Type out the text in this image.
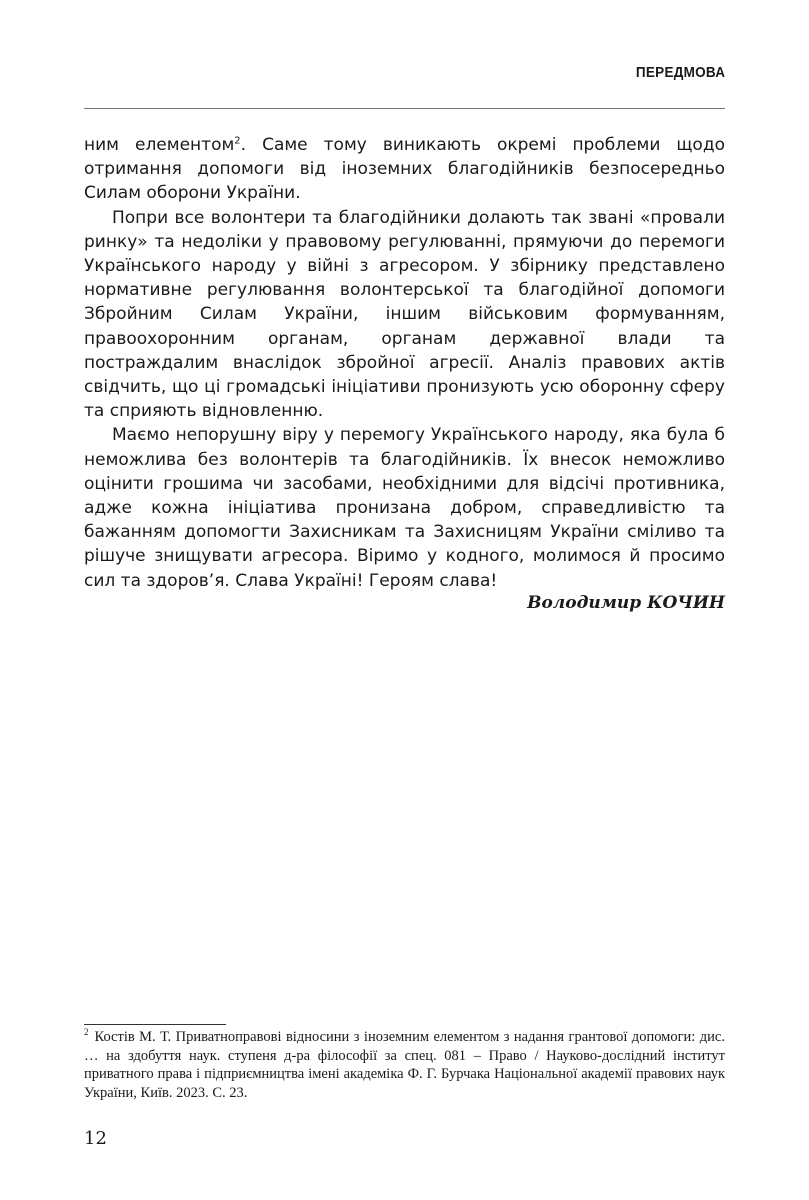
ПЕРЕДМОВА

ним елементом$^2$. Саме тому виникають окремі проблеми щодо отримання допомоги від іноземних благодійників безпосередньо Силам оборони України.

Попри все волонтери та благодійники долають так звані «провали ринку» та недоліки у правовому регулюванні, прямуючи до перемоги Українського народу у війні з агресором. У збірнику представлено нормативне регулювання волонтерської та благодійної допомоги Збройним Силам України, іншим військовим формуванням, правоохоронним органам, органам державної влади та постраждалим внаслідок збройної агресії. Аналіз правових актів свідчить, що ці громадські ініціативи пронизують усю оборонну сферу та сприяють відновленню.

Маємо непорушну віру у перемогу Українського народу, яка була б неможлива без волонтерів та благодійників. Їх внесок неможливо оцінити грошима чи засобами, необхідними для відсічі противника, адже кожна ініціатива пронизана добром, справедливістю та бажанням допомогти Захисникам та Захисницям України сміливо та рішуче знищувати агресора. Віримо у кодного, молимося й просимо сил та здоров’я. Слава Україні! Героям слава!

Володимир КОЧИН
$^2$ Костів М. Т. Приватноправові відносини з іноземним елементом з надання грантової допомоги: дис. … на здобуття наук. ступеня д-ра філософії за спец. 081 – Право / Науково-дослідний інститут приватного права і підприємництва імені академіка Ф. Г. Бурчака Національної академії правових наук України, Київ. 2023. С. 23.
12
